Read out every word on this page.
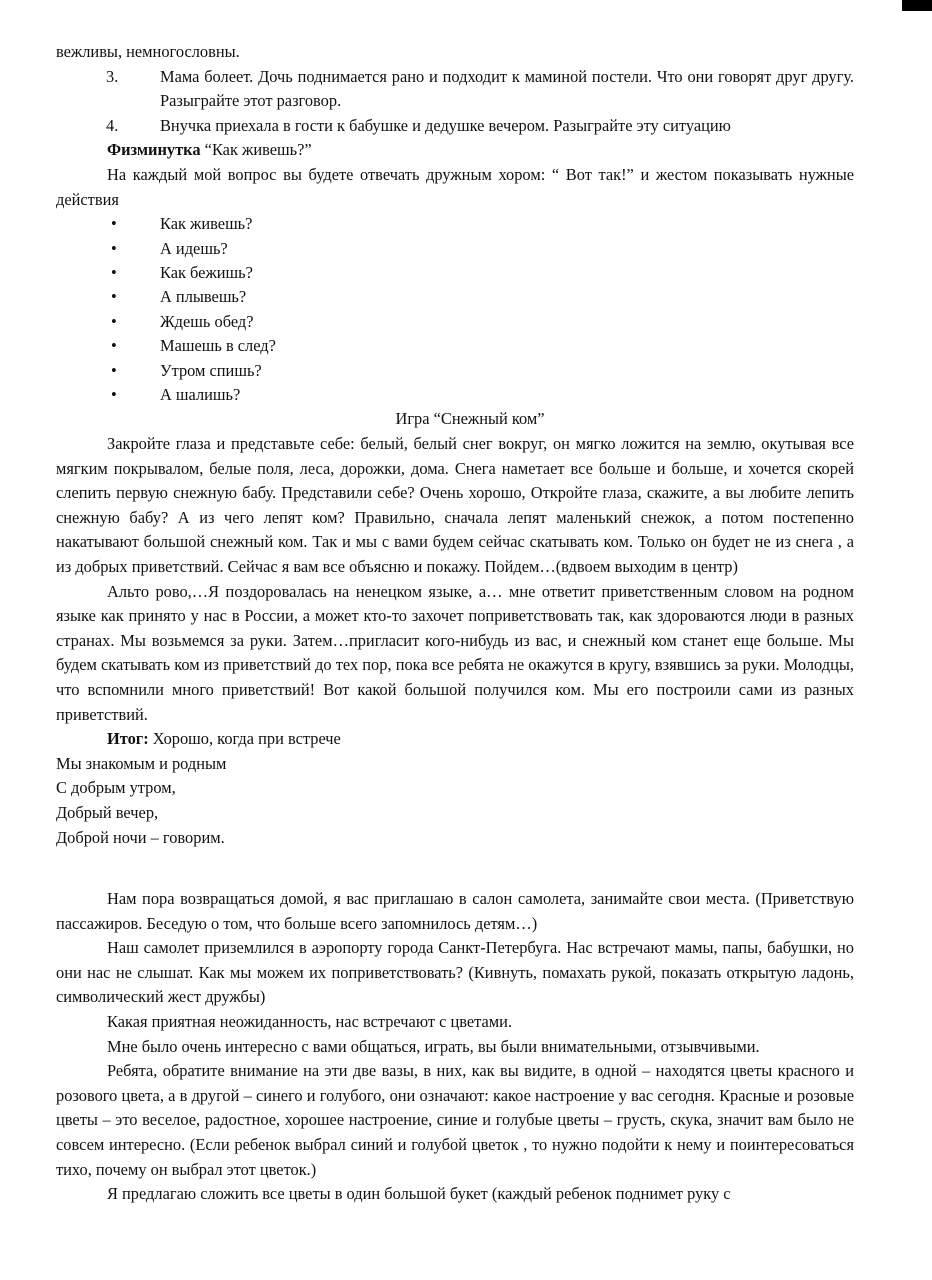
вежливы, немногословны.

3.	Мама болеет. Дочь поднимается рано и подходит к маминой постели. Что они говорят друг другу. Разыграйте этот разговор.
4.	Внучка приехала в гости к бабушке и дедушке вечером. Разыграйте эту ситуацию

Физминутка “Как живешь?”

На каждый мой вопрос вы будете отвечать дружным хором: “ Вот так!” и жестом показывать нужные действия

•	Как живешь?
•	А идешь?
•	Как бежишь?
•	А плывешь?
•	Ждешь обед?
•	Машешь в след?
•	Утром спишь?
•	А шалишь?
Игра “Снежный ком”

Закройте глаза и представьте себе: белый, белый снег вокруг, он мягко ложится на землю, окутывая все мягким покрывалом, белые поля, леса, дорожки, дома. Снега наметает все больше и больше, и хочется скорей слепить первую снежную бабу. Представили себе? Очень хорошо, Откройте глаза, скажите, а вы любите лепить снежную бабу? А из чего лепят ком? Правильно, сначала лепят маленький снежок, а потом постепенно накатывают большой снежный ком. Так и мы с вами будем сейчас скатывать ком. Только он будет не из снега , а из добрых приветствий. Сейчас я вам все объясню и покажу. Пойдем…(вдвоем выходим в центр)

Альто рово,…Я поздоровалась на ненецком языке, а… мне ответит приветственным словом на родном языке как принято у нас в России, а может кто-то захочет поприветствовать так, как здороваются люди в разных странах. Мы возьмемся за руки. Затем…пригласит кого-нибудь из вас, и снежный ком станет еще больше. Мы будем скатывать ком из приветствий до тех пор, пока все ребята не окажутся в кругу, взявшись за руки. Молодцы, что вспомнили много приветствий! Вот какой большой получился ком. Мы его построили сами из разных приветствий.

Итог: Хорошо, когда при встрече

Мы знакомым и родным
С добрым утром,
Добрый вечер,
Доброй ночи – говорим.

Нам пора возвращаться домой, я вас приглашаю в салон самолета, занимайте свои места. (Приветствую пассажиров. Беседую о том, что больше всего запомнилось детям…)

Наш самолет приземлился в аэропорту города Санкт-Петербуга. Нас встречают мамы, папы, бабушки, но они нас не слышат. Как мы можем их поприветствовать? (Кивнуть, помахать рукой, показать открытую ладонь, символический жест дружбы)

Какая приятная неожиданность, нас встречают с цветами.

Мне было очень интересно с вами общаться, играть, вы были внимательными, отзывчивыми.

Ребята, обратите внимание на эти две вазы, в них, как вы видите, в одной – находятся цветы красного и розового цвета, а в другой – синего и голубого, они означают: какое настроение у вас сегодня. Красные и розовые цветы – это веселое, радостное, хорошее настроение, синие и голубые цветы – грусть, скука, значит вам было не совсем интересно. (Если ребенок выбрал синий и голубой цветок , то нужно подойти к нему и поинтересоваться тихо, почему он выбрал этот цветок.)

Я предлагаю сложить все цветы в один большой букет (каждый ребенок поднимет руку с
